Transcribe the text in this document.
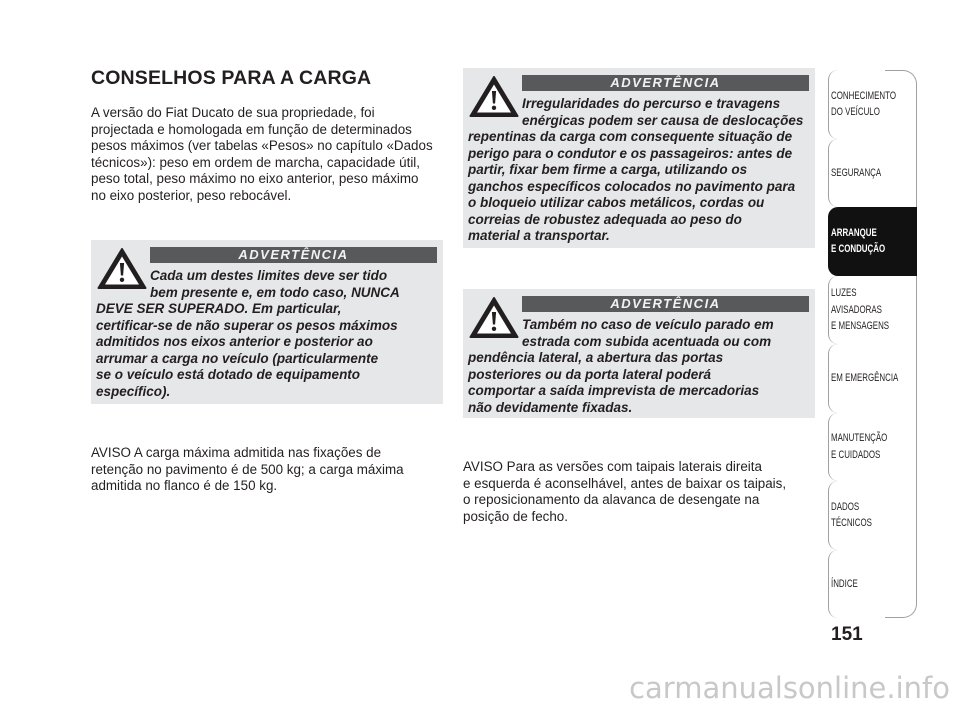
CONSELHOS PARA A CARGA
A versão do Fiat Ducato de sua propriedade, foi
projectada e homologada em função de determinados
pesos máximos (ver tabelas «Pesos» no capítulo «Dados
técnicos»): peso em ordem de marcha, capacidade útil,
peso total, peso máximo no eixo anterior, peso máximo
no eixo posterior, peso rebocável.
ADVERTÊNCIA
Cada um destes limites deve ser tido
bem presente e, em todo caso, NUNCA
DEVE SER SUPERADO. Em particular,
certificar-se de não superar os pesos máximos
admitidos nos eixos anterior e posterior ao
arrumar a carga no veículo (particularmente
se o veículo está dotado de equipamento
específico).
AVISO A carga máxima admitida nas fixações de
retenção no pavimento é de 500 kg; a carga máxima
admitida no flanco é de 150 kg.
ADVERTÊNCIA
Irregularidades do percurso e travagens
enérgicas podem ser causa de deslocações
repentinas da carga com consequente situação de
perigo para o condutor e os passageiros: antes de
partir, fixar bem firme a carga, utilizando os
ganchos específicos colocados no pavimento para
o bloqueio utilizar cabos metálicos, cordas ou
correias de robustez adequada ao peso do
material a transportar.
ADVERTÊNCIA
Também no caso de veículo parado em
estrada com subida acentuada ou com
pendência lateral, a abertura das portas
posteriores ou da porta lateral poderá
comportar a saída imprevista de mercadorias
não devidamente fixadas.
AVISO Para as versões com taipais laterais direita
e esquerda é aconselhável, antes de baixar os taipais,
o reposicionamento da alavanca de desengate na
posição de fecho.
CONHECIMENTO
DO VEÍCULO
SEGURANÇA
ARRANQUE
E CONDUÇÃO
LUZES
AVISADORAS
E MENSAGENS
EM EMERGÊNCIA
MANUTENÇÃO
E CUIDADOS
DADOS
TÉCNICOS
ÍNDICE
151
carmanualsonline.info
